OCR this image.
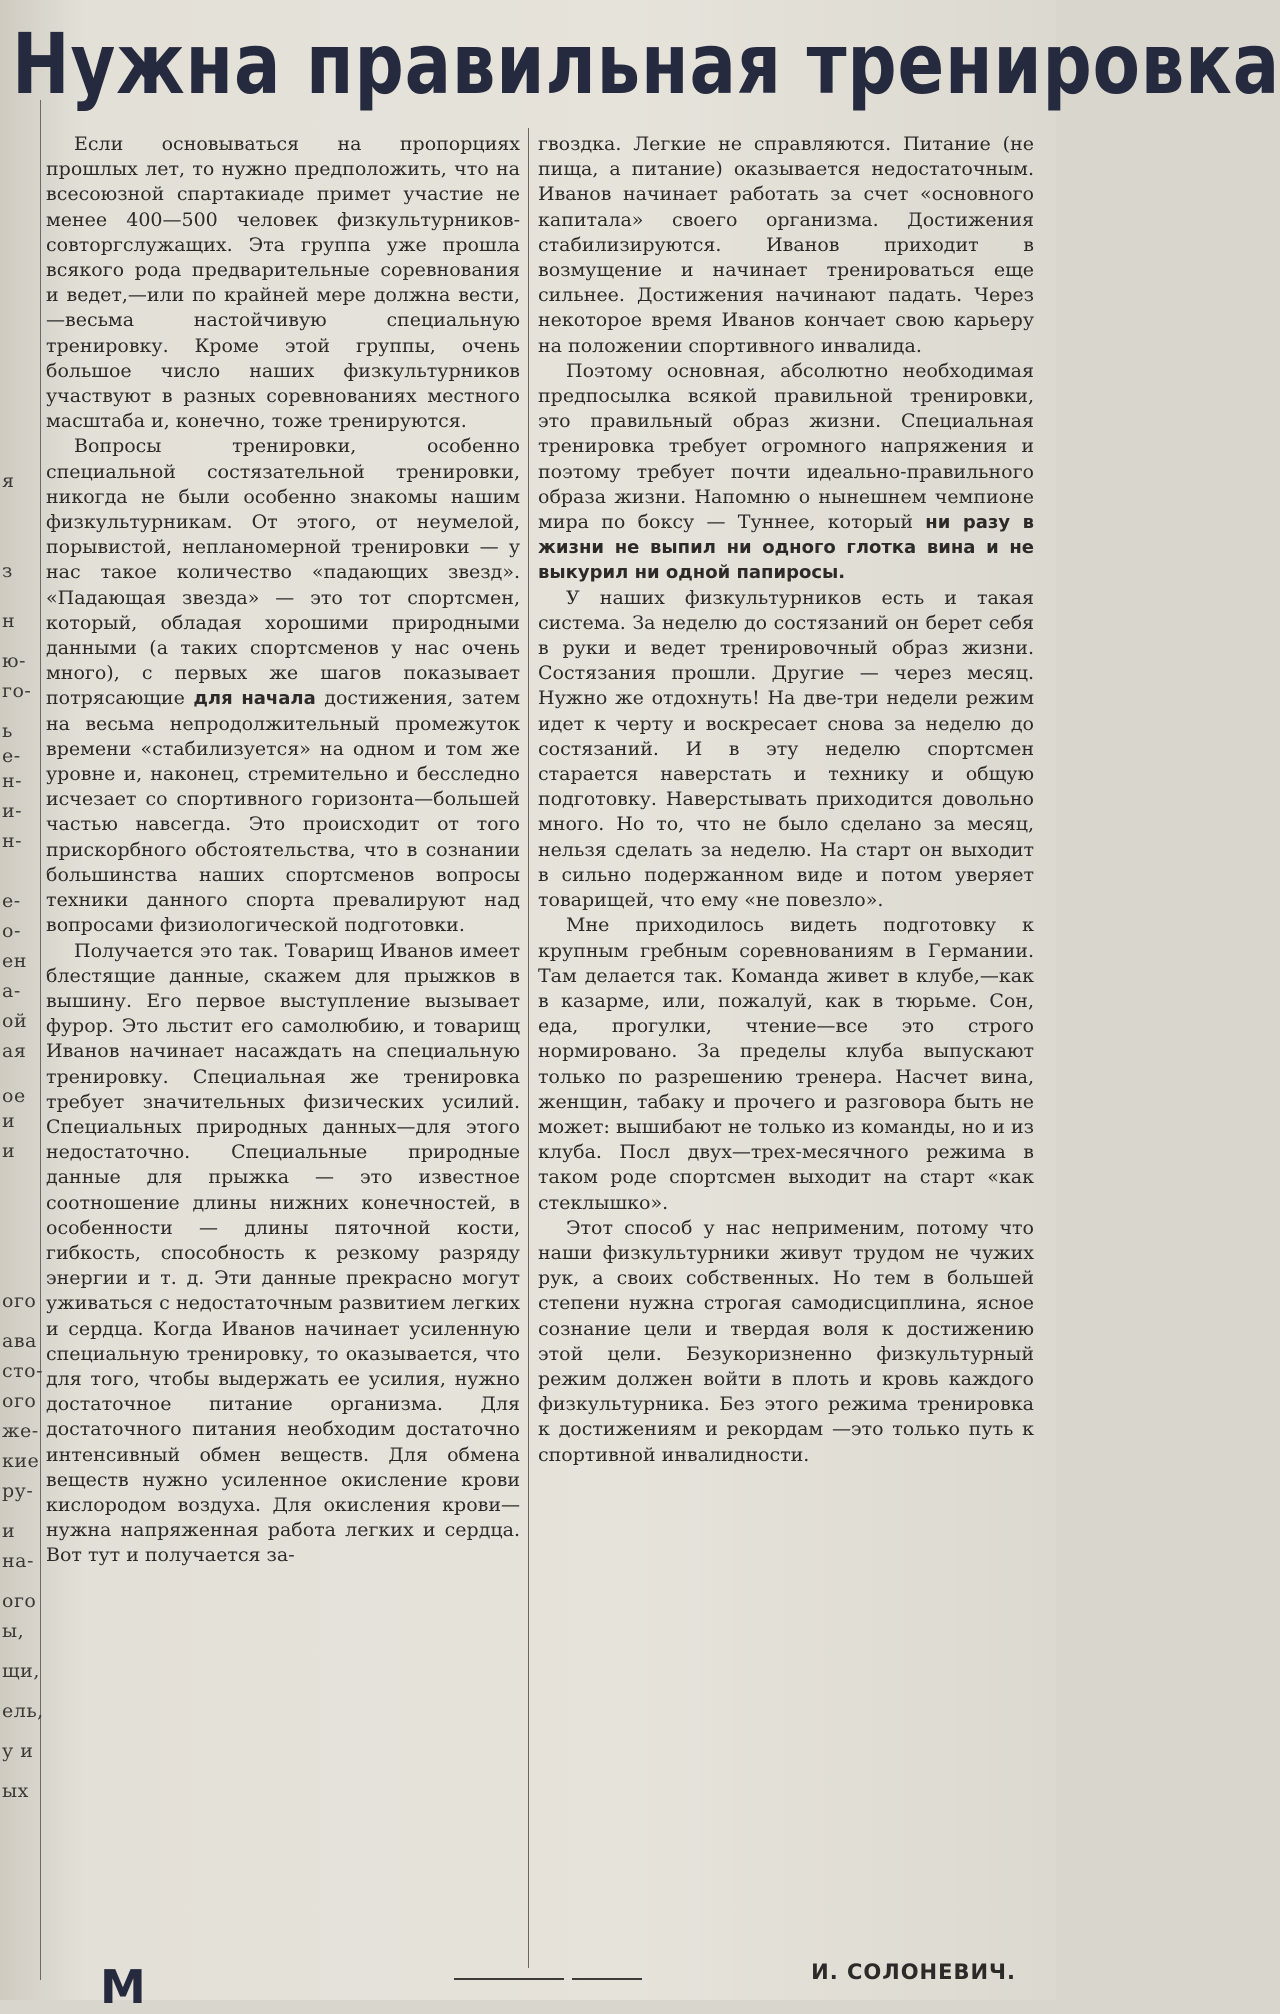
я
з
н
ю-
го-
ь
е-
н-
и-
н-
е-
о-
ен
а-
ой
ая
ое
и
и
ого
ава
сто-
ого
же-
кие
ру-
и
на-
ого
ы,
щи,
ель,
у и
ых
Нужна правильная тренировка

Если основываться на пропорциях прошлых лет, то нужно предположить, что на всесоюзной спартакиаде примет участие не менее 400—500 человек физкультурников-совторгслужащих. Эта группа уже прошла всякого рода предварительные соревнования и ведет,—или по крайней мере должна вести,—весьма настойчивую специальную тренировку. Кроме этой группы, очень большое число наших физкультурников участвуют в разных соревнованиях местного масштаба и, конечно, тоже тренируются.

Вопросы тренировки, особенно специальной состязательной тренировки, никогда не были особенно знакомы нашим физкультурникам. От этого, от неумелой, порывистой, непланомерной тренировки — у нас такое количество «падающих звезд». «Падающая звезда» — это тот спортсмен, который, обладая хорошими природными данными (а таких спортсменов у нас очень много), с первых же шагов показывает потрясающие для начала достижения, затем на весьма непродолжительный промежуток времени «стабилизуется» на одном и том же уровне и, наконец, стремительно и бесследно исчезает со спортивного горизонта—большей частью навсегда. Это происходит от того прискорбного обстоятельства, что в сознании большинства наших спортсменов вопросы техники данного спорта превалируют над вопросами физиологической подготовки.

Получается это так. Товарищ Иванов имеет блестящие данные, скажем для прыжков в вышину. Его первое выступление вызывает фурор. Это льстит его самолюбию, и товарищ Иванов начинает насаждать на специальную тренировку. Специальная же тренировка требует значительных физических усилий. Специальных природных данных—для этого недостаточно. Специальные природные данные для прыжка — это известное соотношение длины нижних конечностей, в особенности — длины пяточной кости, гибкость, способность к резкому разряду энергии и т. д. Эти данные прекрасно могут уживаться с недостаточным развитием легких и сердца. Когда Иванов начинает усиленную специальную тренировку, то оказывается, что для того, чтобы выдержать ее усилия, нужно достаточное питание организма. Для достаточного питания необходим достаточно интенсивный обмен веществ. Для обмена веществ нужно усиленное окисление крови кислородом воздуха. Для окисления крови—нужна напряженная работа легких и сердца. Вот тут и получается за-

гвоздка. Легкие не справляются. Питание (не пища, а питание) оказывается недостаточным. Иванов начинает работать за счет «основного капитала» своего организма. Достижения стабилизируются. Иванов приходит в возмущение и начинает тренироваться еще сильнее. Достижения начинают падать. Через некоторое время Иванов кончает свою карьеру на положении спортивного инвалида.

Поэтому основная, абсолютно необходимая предпосылка всякой правильной тренировки, это правильный образ жизни. Специальная тренировка требует огромного напряжения и поэтому требует почти идеально-правильного образа жизни. Напомню о нынешнем чемпионе мира по боксу — Туннее, который ни разу в жизни не выпил ни одного глотка вина и не выкурил ни одной папиросы.

У наших физкультурников есть и такая система. За неделю до состязаний он берет себя в руки и ведет тренировочный образ жизни. Состязания прошли. Другие — через месяц. Нужно же отдохнуть! На две-три недели режим идет к черту и воскресает снова за неделю до состязаний. И в эту неделю спортсмен старается наверстать и технику и общую подготовку. Наверстывать приходится довольно много. Но то, что не было сделано за месяц, нельзя сделать за неделю. На старт он выходит в сильно подержанном виде и потом уверяет товарищей, что ему «не повезло».

Мне приходилось видеть подготовку к крупным гребным соревнованиям в Германии. Там делается так. Команда живет в клубе,—как в казарме, или, пожалуй, как в тюрьме. Сон, еда, прогулки, чтение—все это строго нормировано. За пределы клуба выпускают только по разрешению тренера. Насчет вина, женщин, табаку и прочего и разговора быть не может: вышибают не только из команды, но и из клуба. Посл двух—трех-месячного режима в таком роде спортсмен выходит на старт «как стеклышко».

Этот способ у нас неприменим, потому что наши физкультурники живут трудом не чужих рук, а своих собственных. Но тем в большей степени нужна строгая самодисциплина, ясное сознание цели и твердая воля к достижению этой цели. Безукоризненно физкультурный режим должен войти в плоть и кровь каждого физкультурника. Без этого режима тренировка к достижениям и рекордам —это только путь к спортивной инвалидности.

М	И. СОЛОНЕВИЧ.
